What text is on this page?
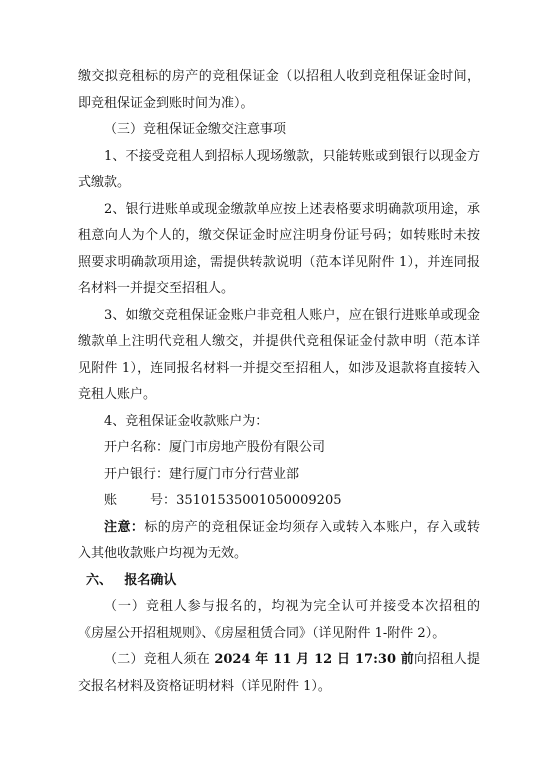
缴交拟竞租标的房产的竞租保证金（以招租人收到竞租保证金时间，即竞租保证金到账时间为准）。

（三）竞租保证金缴交注意事项

1、不接受竞租人到招标人现场缴款，只能转账或到银行以现金方式缴款。

2、银行进账单或现金缴款单应按上述表格要求明确款项用途，承租意向人为个人的，缴交保证金时应注明身份证号码；如转账时未按照要求明确款项用途，需提供转款说明（范本详见附件 1），并连同报名材料一并提交至招租人。

3、如缴交竞租保证金账户非竞租人账户，应在银行进账单或现金缴款单上注明代竞租人缴交，并提供代竞租保证金付款申明（范本详见附件 1），连同报名材料一并提交至招租人，如涉及退款将直接转入竞租人账户。

4、竞租保证金收款账户为：

开户名称：厦门市房地产股份有限公司

开户银行：建行厦门市分行营业部

账        号：35101535001050009205

注意：标的房产的竞租保证金均须存入或转入本账户，存入或转入其他收款账户均视为无效。

六、 报名确认

（一）竞租人参与报名的，均视为完全认可并接受本次招租的《房屋公开招租规则》、《房屋租赁合同》（详见附件 1-附件 2）。

（二）竞租人须在 2024 年 11 月 12 日 17:30 前向招租人提交报名材料及资格证明材料（详见附件 1）。
